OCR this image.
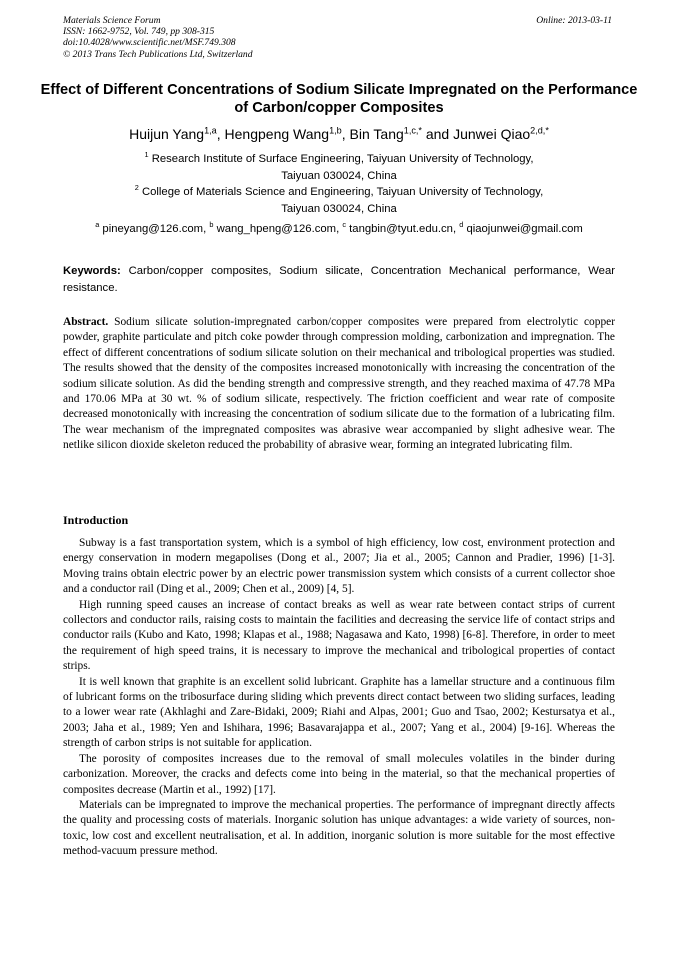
Materials Science Forum
ISSN: 1662-9752, Vol. 749, pp 308-315
doi:10.4028/www.scientific.net/MSF.749.308
© 2013 Trans Tech Publications Ltd, Switzerland
Online: 2013-03-11
Effect of Different Concentrations of Sodium Silicate Impregnated on the Performance of Carbon/copper Composites
Huijun Yang$^{1,a}$, Hengpeng Wang$^{1,b}$, Bin Tang$^{1,c,*}$ and Junwei Qiao$^{2,d,*}$
$^1$ Research Institute of Surface Engineering, Taiyuan University of Technology,
Taiyuan 030024, China
$^2$ College of Materials Science and Engineering, Taiyuan University of Technology,
Taiyuan 030024, China
$^a$ pineyang@126.com, $^b$ wang_hpeng@126.com, $^c$ tangbin@tyut.edu.cn, $^d$ qiaojunwei@gmail.com
Keywords: Carbon/copper composites, Sodium silicate, Concentration Mechanical performance, Wear resistance.
Abstract. Sodium silicate solution-impregnated carbon/copper composites were prepared from electrolytic copper powder, graphite particulate and pitch coke powder through compression molding, carbonization and impregnation. The effect of different concentrations of sodium silicate solution on their mechanical and tribological properties was studied. The results showed that the density of the composites increased monotonically with increasing the concentration of the sodium silicate solution. As did the bending strength and compressive strength, and they reached maxima of 47.78 MPa and 170.06 MPa at 30 wt. % of sodium silicate, respectively. The friction coefficient and wear rate of composite decreased monotonically with increasing the concentration of sodium silicate due to the formation of a lubricating film. The wear mechanism of the impregnated composites was abrasive wear accompanied by slight adhesive wear. The netlike silicon dioxide skeleton reduced the probability of abrasive wear, forming an integrated lubricating film.
Introduction

Subway is a fast transportation system, which is a symbol of high efficiency, low cost, environment protection and energy conservation in modern megapolises (Dong et al., 2007; Jia et al., 2005; Cannon and Pradier, 1996) [1-3]. Moving trains obtain electric power by an electric power transmission system which consists of a current collector shoe and a conductor rail (Ding et al., 2009; Chen et al., 2009) [4, 5].

High running speed causes an increase of contact breaks as well as wear rate between contact strips of current collectors and conductor rails, raising costs to maintain the facilities and decreasing the service life of contact strips and conductor rails (Kubo and Kato, 1998; Klapas et al., 1988; Nagasawa and Kato, 1998) [6-8]. Therefore, in order to meet the requirement of high speed trains, it is necessary to improve the mechanical and tribological properties of contact strips.

It is well known that graphite is an excellent solid lubricant. Graphite has a lamellar structure and a continuous film of lubricant forms on the tribosurface during sliding which prevents direct contact between two sliding surfaces, leading to a lower wear rate (Akhlaghi and Zare-Bidaki, 2009; Riahi and Alpas, 2001; Guo and Tsao, 2002; Kestursatya et al., 2003; Jaha et al., 1989; Yen and Ishihara, 1996; Basavarajappa et al., 2007; Yang et al., 2004) [9-16]. Whereas the strength of carbon strips is not suitable for application.

The porosity of composites increases due to the removal of small molecules volatiles in the binder during carbonization. Moreover, the cracks and defects come into being in the material, so that the mechanical properties of composites decrease (Martin et al., 1992) [17].

Materials can be impregnated to improve the mechanical properties. The performance of impregnant directly affects the quality and processing costs of materials. Inorganic solution has unique advantages: a wide variety of sources, non-toxic, low cost and excellent neutralisation, et al. In addition, inorganic solution is more suitable for the most effective method-vacuum pressure method.
